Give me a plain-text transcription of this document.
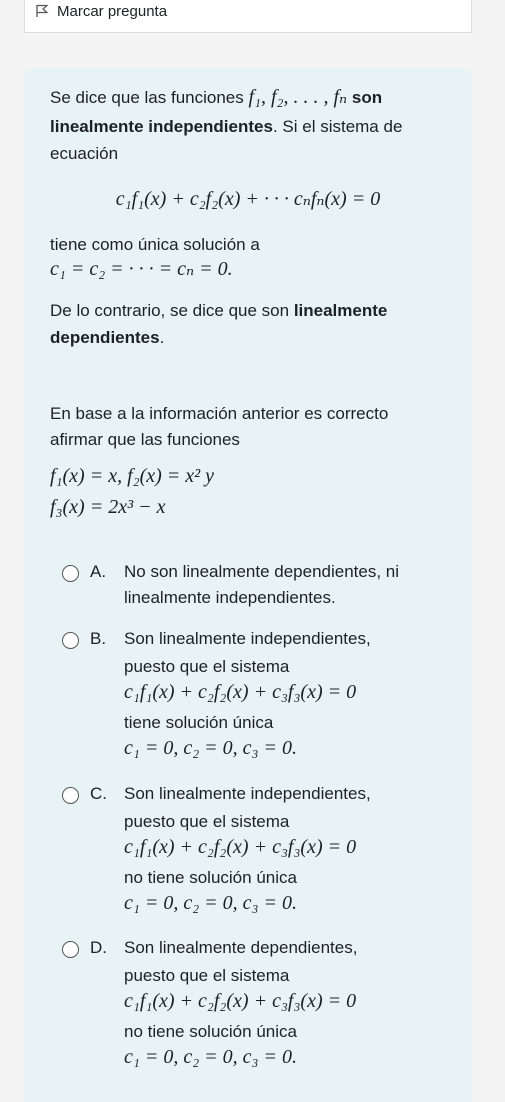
Marcar pregunta
Se dice que las funciones f₁, f₂, . . . , fₙ son
linealmente independientes. Si el sistema de
ecuación
c₁f₁(x) + c₂f₂(x) + · · · cₙfₙ(x) = 0
tiene como única solución a
c₁ = c₂ = · · · = cₙ = 0.
De lo contrario, se dice que son linealmente
dependientes.
En base a la información anterior es correcto
afirmar que las funciones
f₁(x) = x, f₂(x) = x² y
f₃(x) = 2x³ − x
A. No son linealmente dependientes, ni
linealmente independientes.
B. Son linealmente independientes,
puesto que el sistema
c₁f₁(x) + c₂f₂(x) + c₃f₃(x) = 0
tiene solución única
c₁ = 0, c₂ = 0, c₃ = 0.
C. Son linealmente independientes,
puesto que el sistema
c₁f₁(x) + c₂f₂(x) + c₃f₃(x) = 0
no tiene solución única
c₁ = 0, c₂ = 0, c₃ = 0.
D. Son linealmente dependientes,
puesto que el sistema
c₁f₁(x) + c₂f₂(x) + c₃f₃(x) = 0
no tiene solución única
c₁ = 0, c₂ = 0, c₃ = 0.
